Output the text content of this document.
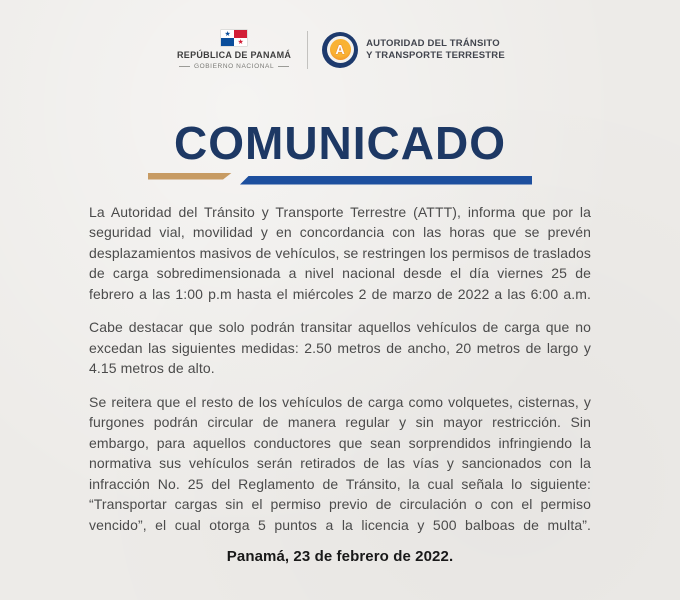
★
★
REPÚBLICA DE PANAMÁ
GOBIERNO NACIONAL
A	AUTORIDAD DEL TRÁNSITO
Y TRANSPORTE TERRESTRE
COMUNICADO

La Autoridad del Tránsito y Transporte Terrestre (ATTT), informa que por la seguridad vial, movilidad y en concordancia con las horas que se prevén desplazamientos masivos de vehículos, se restringen los permisos de traslados de carga sobredimensionada a nivel nacional desde el día viernes 25 de febrero a las 1:00 p.m hasta el miércoles 2 de marzo de 2022 a las 6:00 a.m.

Cabe destacar que solo podrán transitar aquellos vehículos de carga que no excedan las siguientes medidas: 2.50 metros de ancho, 20 metros de largo y 4.15 metros de alto.

Se reitera que el resto de los vehículos de carga como volquetes, cisternas, y furgones podrán circular de manera regular y sin mayor restricción. Sin embargo, para aquellos conductores que sean sorprendidos infringiendo la normativa sus vehículos serán retirados de las vías y sancionados con la infracción No. 25 del Reglamento de Tránsito, la cual señala lo siguiente: “Transportar cargas sin el permiso previo de circulación o con el permiso vencido”, el cual otorga 5 puntos a la licencia y 500 balboas de multa”.

Panamá, 23 de febrero de 2022.
